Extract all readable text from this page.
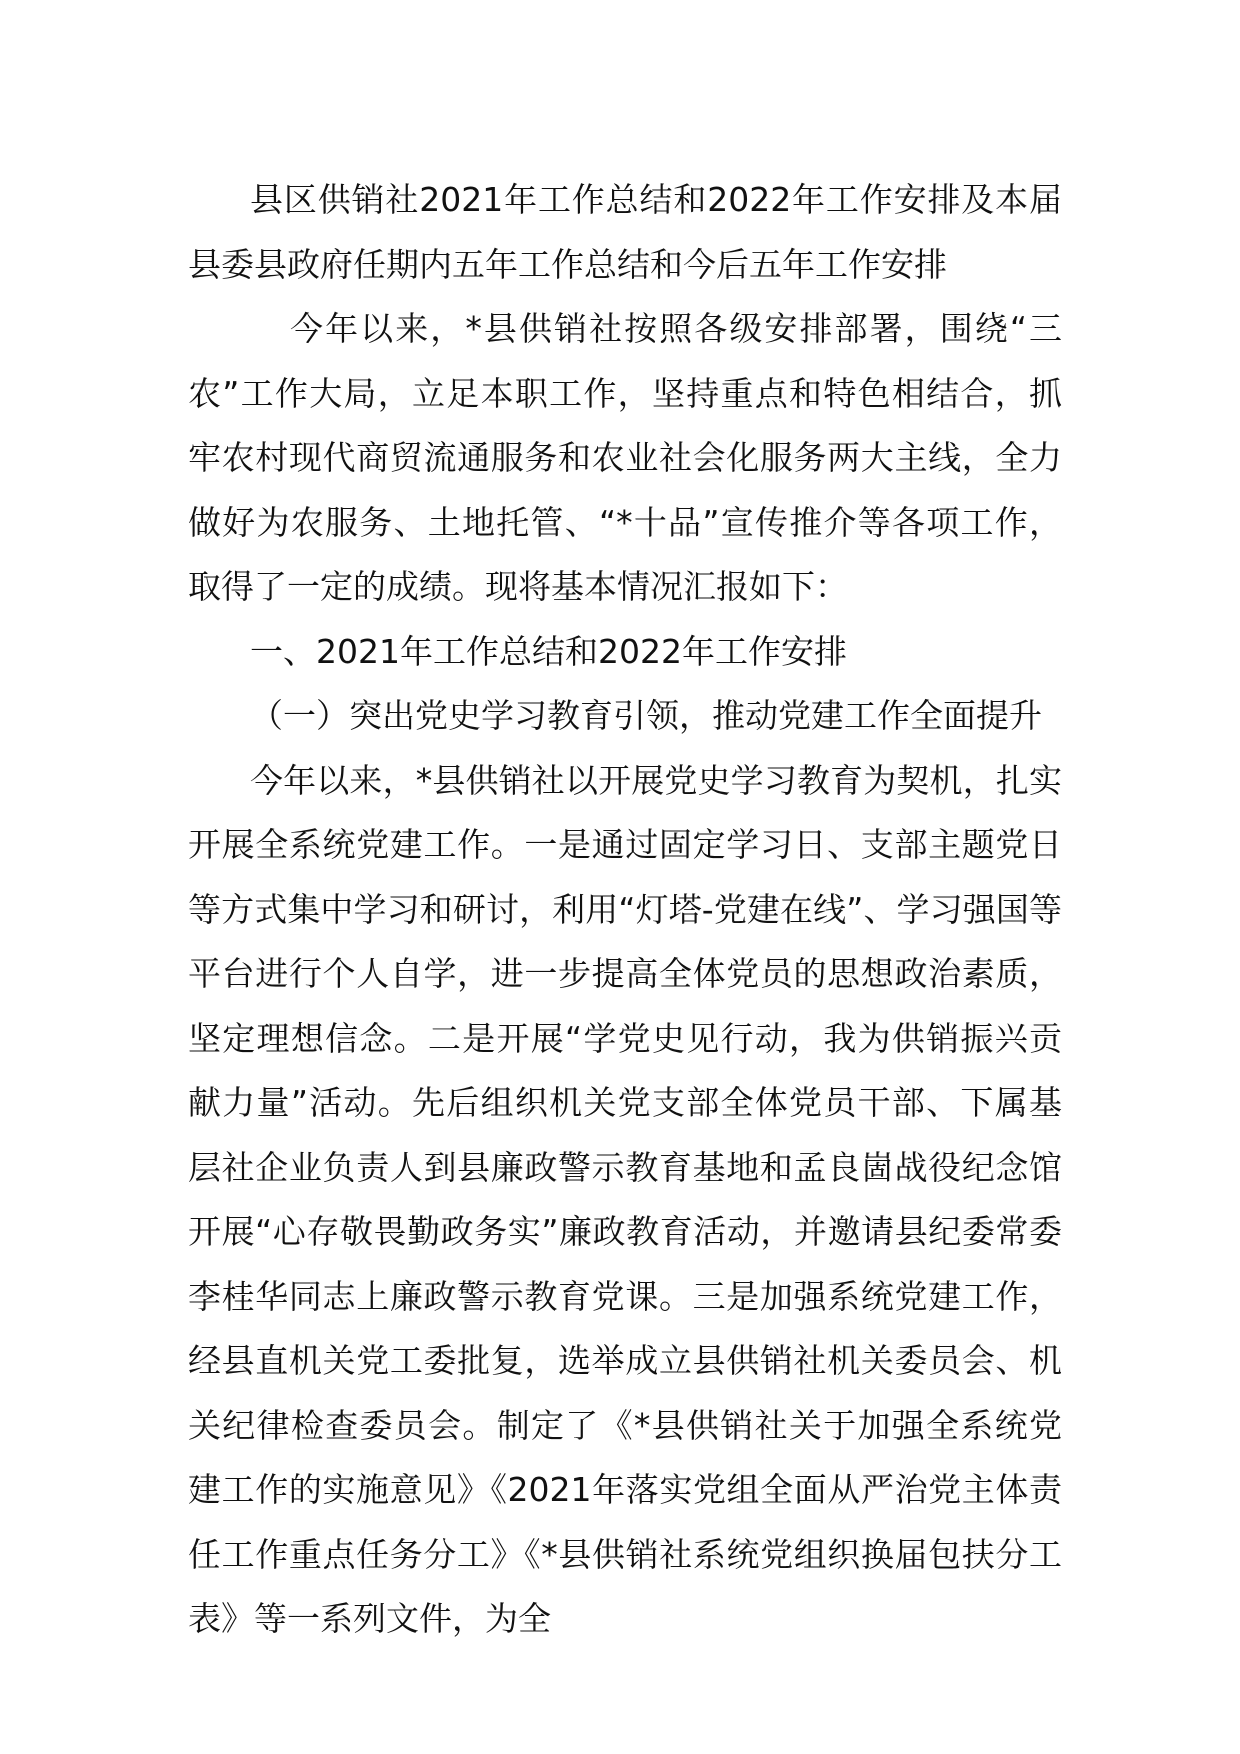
县区供销社2021年工作总结和2022年工作安排及本届县委县政府任期内五年工作总结和今后五年工作安排

今年以来，*县供销社按照各级安排部署，围绕“三农”工作大局，立足本职工作，坚持重点和特色相结合，抓牢农村现代商贸流通服务和农业社会化服务两大主线，全力做好为农服务、土地托管、“*十品”宣传推介等各项工作，取得了一定的成绩。现将基本情况汇报如下：

一、2021年工作总结和2022年工作安排

（一）突出党史学习教育引领，推动党建工作全面提升

今年以来，*县供销社以开展党史学习教育为契机，扎实开展全系统党建工作。一是通过固定学习日、支部主题党日等方式集中学习和研讨，利用“灯塔-党建在线”、学习强国等平台进行个人自学，进一步提高全体党员的思想政治素质，坚定理想信念。二是开展“学党史见行动，我为供销振兴贡献力量”活动。先后组织机关党支部全体党员干部、下属基层社企业负责人到县廉政警示教育基地和孟良崮战役纪念馆开展“心存敬畏勤政务实”廉政教育活动，并邀请县纪委常委李桂华同志上廉政警示教育党课。三是加强系统党建工作，经县直机关党工委批复，选举成立县供销社机关委员会、机关纪律检查委员会。制定了《*县供销社关于加强全系统党建工作的实施意见》《2021年落实党组全面从严治党主体责任工作重点任务分工》《*县供销社系统党组织换届包扶分工表》等一系列文件，为全
